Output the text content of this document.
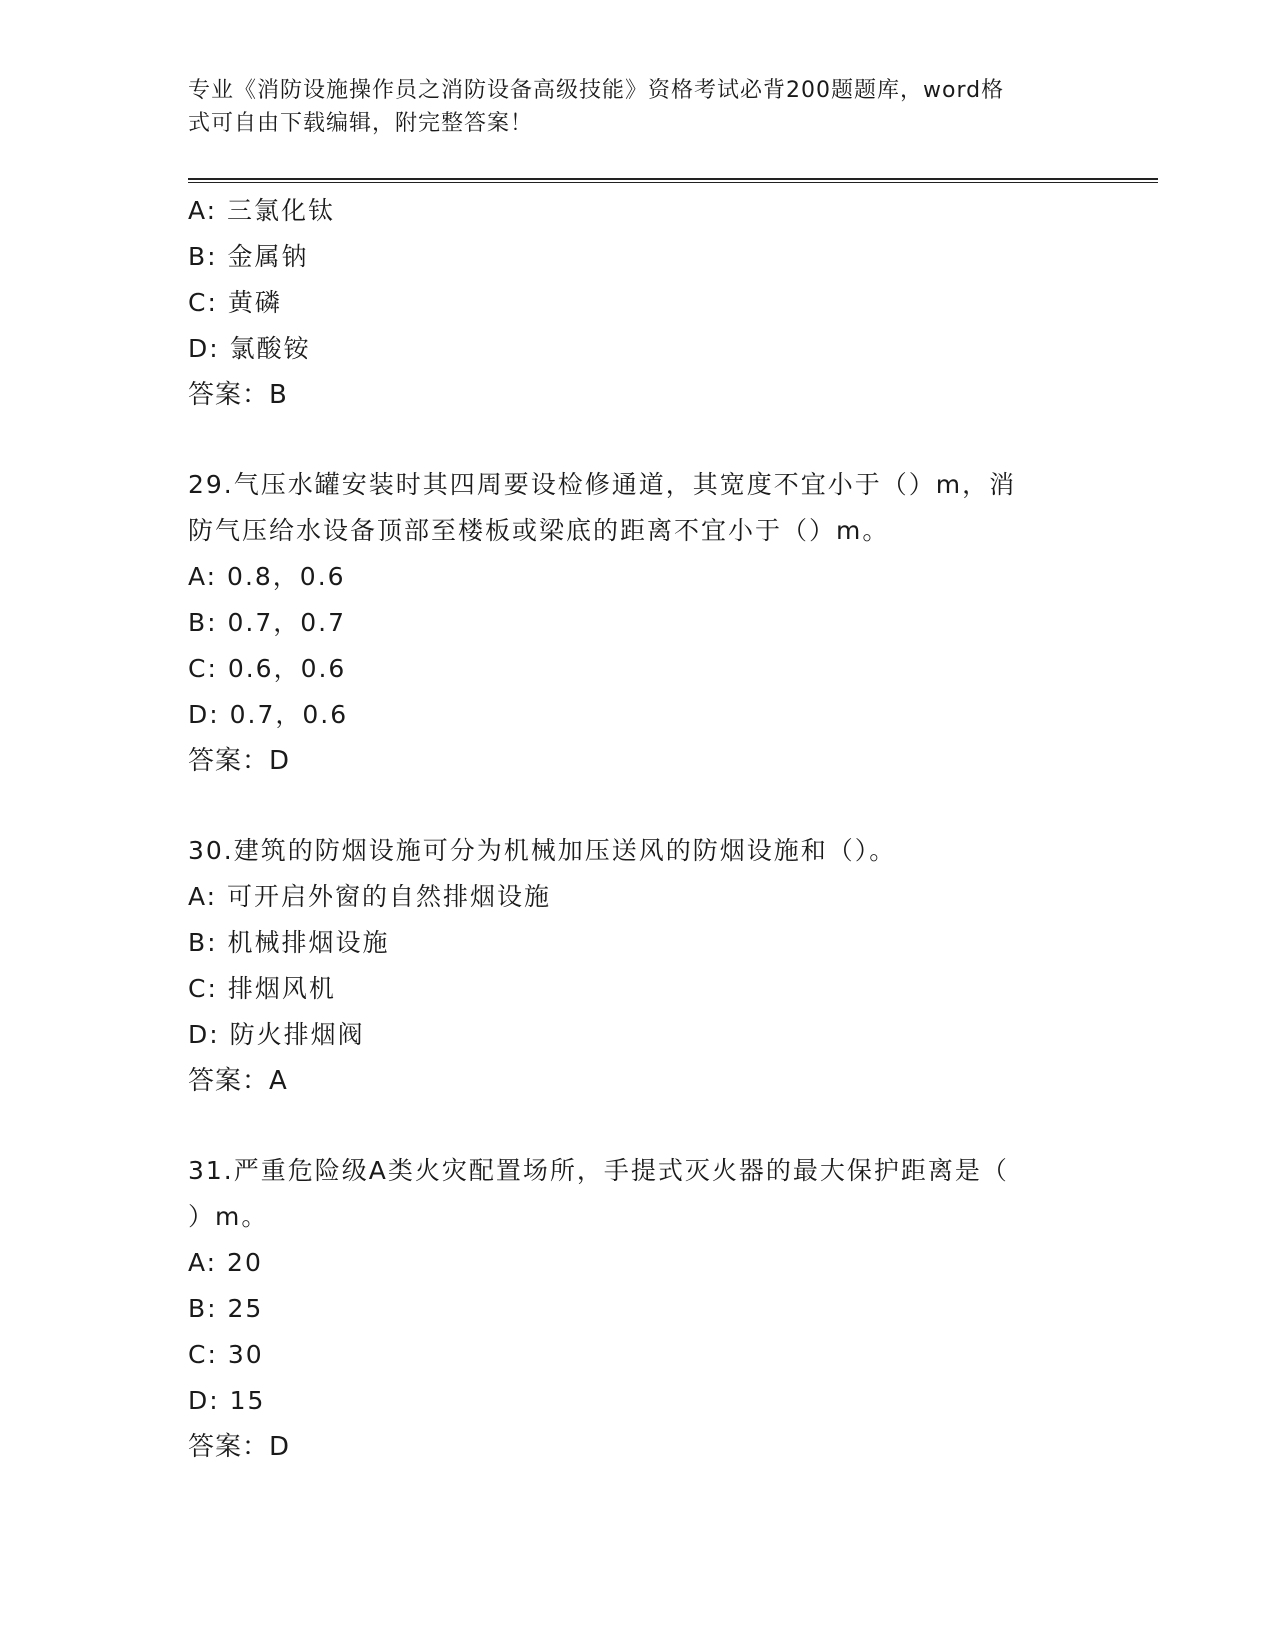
专业《消防设施操作员之消防设备高级技能》资格考试必背200题题库，word格
式可自由下载编辑，附完整答案！
A: 三氯化钛
B: 金属钠
C: 黄磷
D: 氯酸铵
答案：B
29.气压水罐安装时其四周要设检修通道，其宽度不宜小于（）m，消
防气压给水设备顶部至楼板或梁底的距离不宜小于（）m。
A: 0.8，0.6
B: 0.7，0.7
C: 0.6，0.6
D: 0.7，0.6
答案：D
30.建筑的防烟设施可分为机械加压送风的防烟设施和（）。
A: 可开启外窗的自然排烟设施
B: 机械排烟设施
C: 排烟风机
D: 防火排烟阀
答案：A
31.严重危险级A类火灾配置场所，手提式灭火器的最大保护距离是（
）m。
A: 20
B: 25
C: 30
D: 15
答案：D
